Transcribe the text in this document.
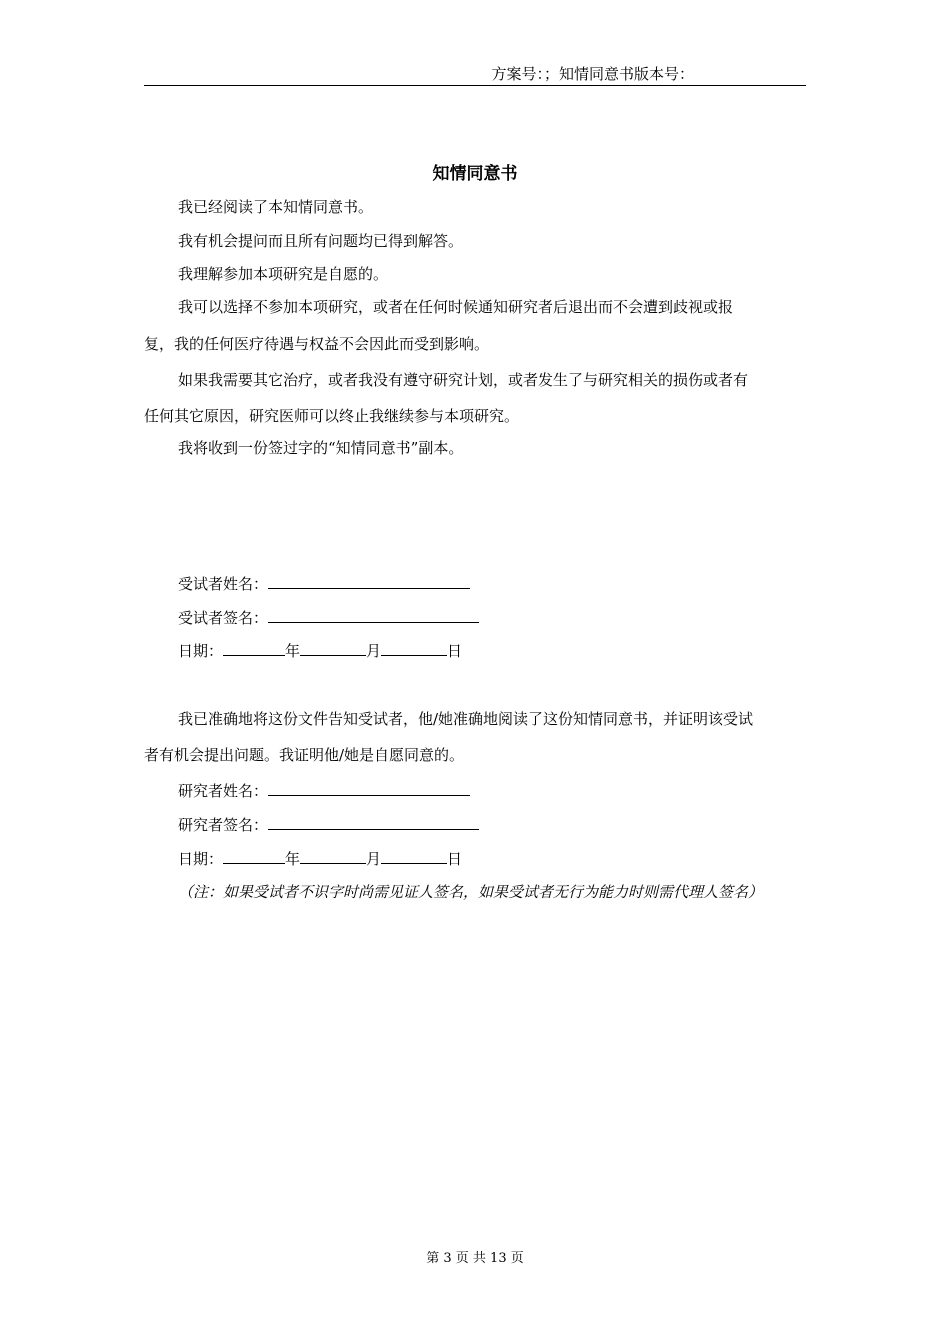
方案号：；知情同意书版本号：
知情同意书
我已经阅读了本知情同意书。
我有机会提问而且所有问题均已得到解答。
我理解参加本项研究是自愿的。
我可以选择不参加本项研究，或者在任何时候通知研究者后退出而不会遭到歧视或报
复，我的任何医疗待遇与权益不会因此而受到影响。
如果我需要其它治疗，或者我没有遵守研究计划，或者发生了与研究相关的损伤或者有
任何其它原因，研究医师可以终止我继续参与本项研究。
我将收到一份签过字的“知情同意书”副本。
受试者姓名：
受试者签名：
日期：	年	月	日
我已准确地将这份文件告知受试者，他/她准确地阅读了这份知情同意书，并证明该受试
者有机会提出问题。我证明他/她是自愿同意的。
研究者姓名：
研究者签名：
日期：	年	月	日
（注：如果受试者不识字时尚需见证人签名，如果受试者无行为能力时则需代理人签名）
第 3 页 共 13 页
